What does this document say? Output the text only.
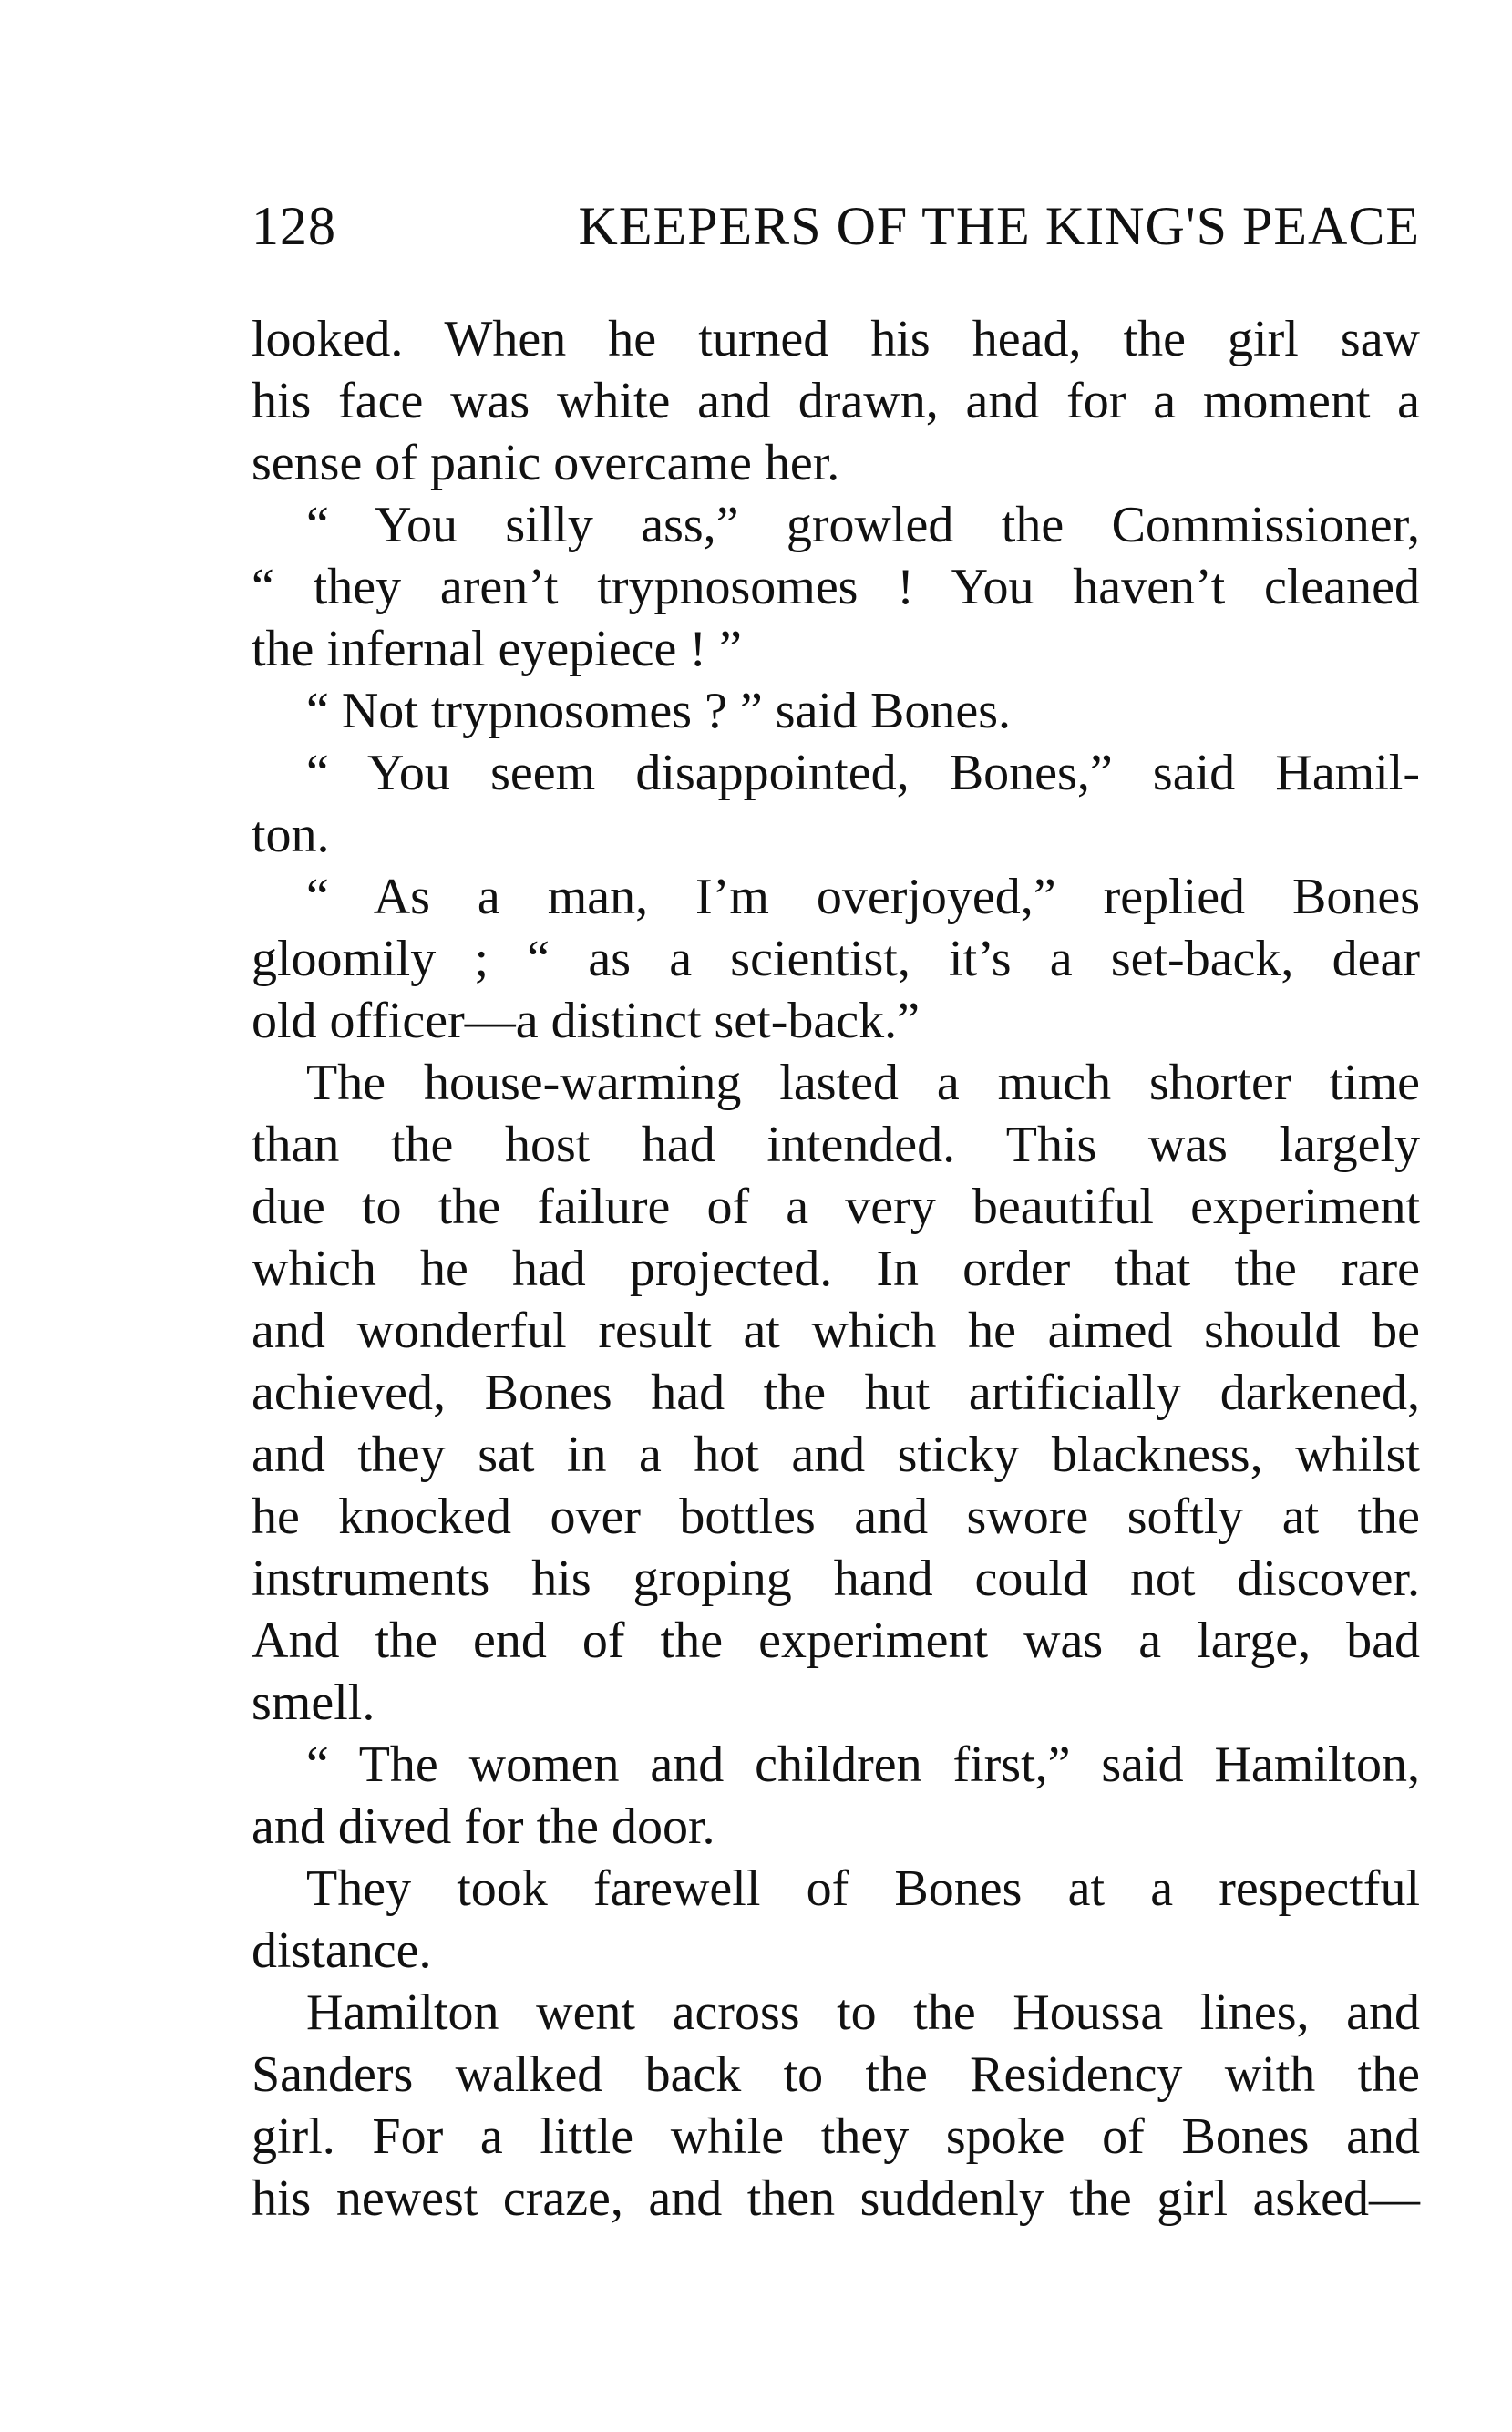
128	KEEPERS OF THE KING'S PEACE
looked. When he turned his head, the girl saw
his face was white and drawn, and for a moment a
sense of panic overcame her.
“ You silly ass,” growled the Commissioner,
“ they aren’t trypnosomes ! You haven’t cleaned
the infernal eyepiece ! ”
“ Not trypnosomes ? ” said Bones.
“ You seem disappointed, Bones,” said Hamil-
ton.
“ As a man, I’m overjoyed,” replied Bones
gloomily ; “ as a scientist, it’s a set-back, dear
old officer—a distinct set-back.”
The house-warming lasted a much shorter time
than the host had intended. This was largely
due to the failure of a very beautiful experiment
which he had projected. In order that the rare
and wonderful result at which he aimed should be
achieved, Bones had the hut artificially darkened,
and they sat in a hot and sticky blackness, whilst
he knocked over bottles and swore softly at the
instruments his groping hand could not discover.
And the end of the experiment was a large, bad
smell.
“ The women and children first,” said Hamilton,
and dived for the door.
They took farewell of Bones at a respectful
distance.
Hamilton went across to the Houssa lines, and
Sanders walked back to the Residency with the
girl. For a little while they spoke of Bones and
his newest craze, and then suddenly the girl asked—
